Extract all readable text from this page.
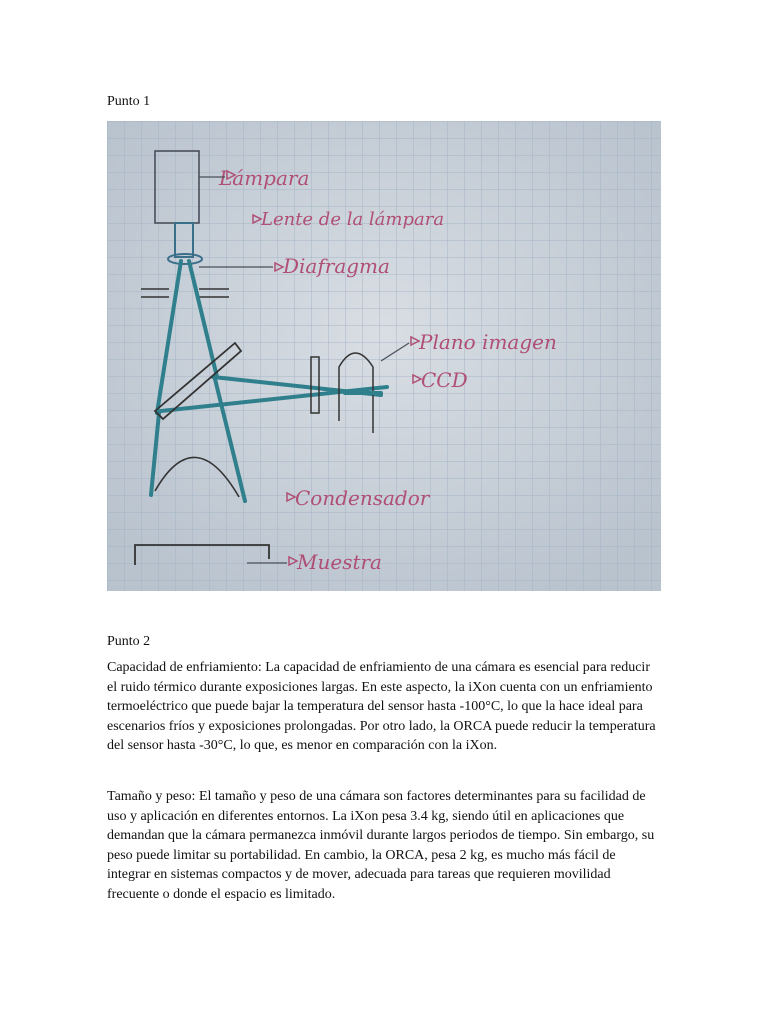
Punto 1
Lámpara
Lente de la lámpara
Diafragma
Plano imagen
CCD
Condensador
Muestra
Punto 2

Capacidad de enfriamiento: La capacidad de enfriamiento de una cámara es esencial para reducir el ruido térmico durante exposiciones largas. En este aspecto, la iXon cuenta con un enfriamiento termoeléctrico que puede bajar la temperatura del sensor hasta -100°C, lo que la hace ideal para escenarios fríos y exposiciones prolongadas. Por otro lado, la ORCA puede reducir la temperatura del sensor hasta -30°C, lo que, es menor en comparación con la iXon.

Tamaño y peso: El tamaño y peso de una cámara son factores determinantes para su facilidad de uso y aplicación en diferentes entornos. La iXon pesa 3.4 kg, siendo útil en aplicaciones que demandan que la cámara permanezca inmóvil durante largos periodos de tiempo. Sin embargo, su peso puede limitar su portabilidad. En cambio, la ORCA, pesa 2 kg, es mucho más fácil de integrar en sistemas compactos y de mover, adecuada para tareas que requieren movilidad frecuente o donde el espacio es limitado.
